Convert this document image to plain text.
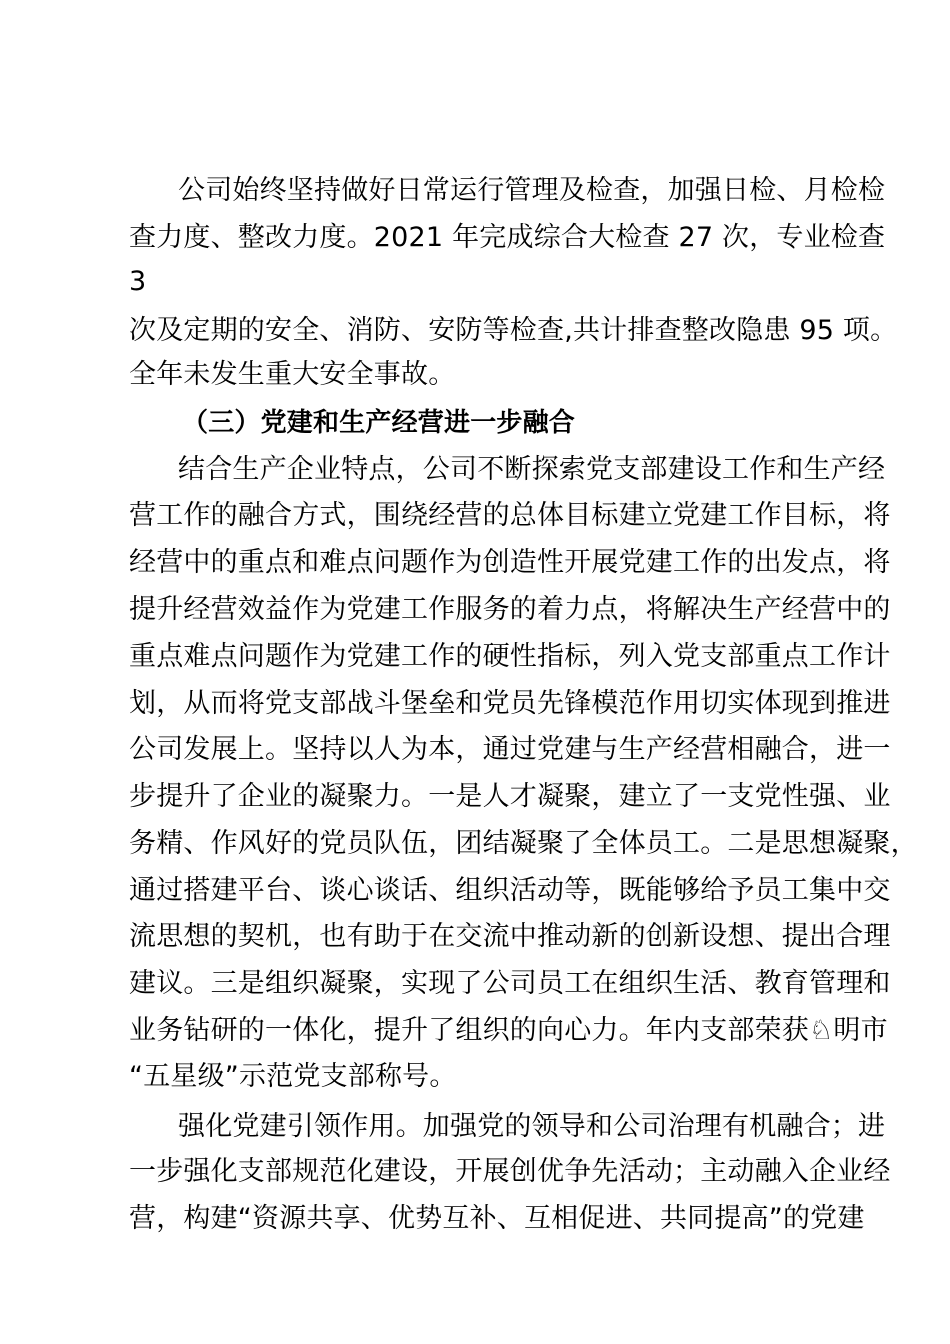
公司始终坚持做好日常运行管理及检查，加强日检、月检检
查力度、整改力度。2021 年完成综合大检查 27 次，专业检查
3
次及定期的安全、消防、安防等检查,共计排查整改隐患 95 项。
全年未发生重大安全事故。
（三）党建和生产经营进一步融合
结合生产企业特点，公司不断探索党支部建设工作和生产经
营工作的融合方式，围绕经营的总体目标建立党建工作目标，将
经营中的重点和难点问题作为创造性开展党建工作的出发点，将
提升经营效益作为党建工作服务的着力点，将解决生产经营中的
重点难点问题作为党建工作的硬性指标，列入党支部重点工作计
划，从而将党支部战斗堡垒和党员先锋模范作用切实体现到推进
公司发展上。坚持以人为本，通过党建与生产经营相融合，进一
步提升了企业的凝聚力。一是人才凝聚，建立了一支党性强、业
务精、作风好的党员队伍，团结凝聚了全体员工。二是思想凝聚，
通过搭建平台、谈心谈话、组织活动等，既能够给予员工集中交
流思想的契机，也有助于在交流中推动新的创新设想、提出合理
建议。三是组织凝聚，实现了公司员工在组织生活、教育管理和
业务钻研的一体化，提升了组织的向心力。年内支部荣获♘明市
“五星级”示范党支部称号。
强化党建引领作用。加强党的领导和公司治理有机融合；进
一步强化支部规范化建设，开展创优争先活动；主动融入企业经
营，构建“资源共享、优势互补、互相促进、共同提高”的党建
